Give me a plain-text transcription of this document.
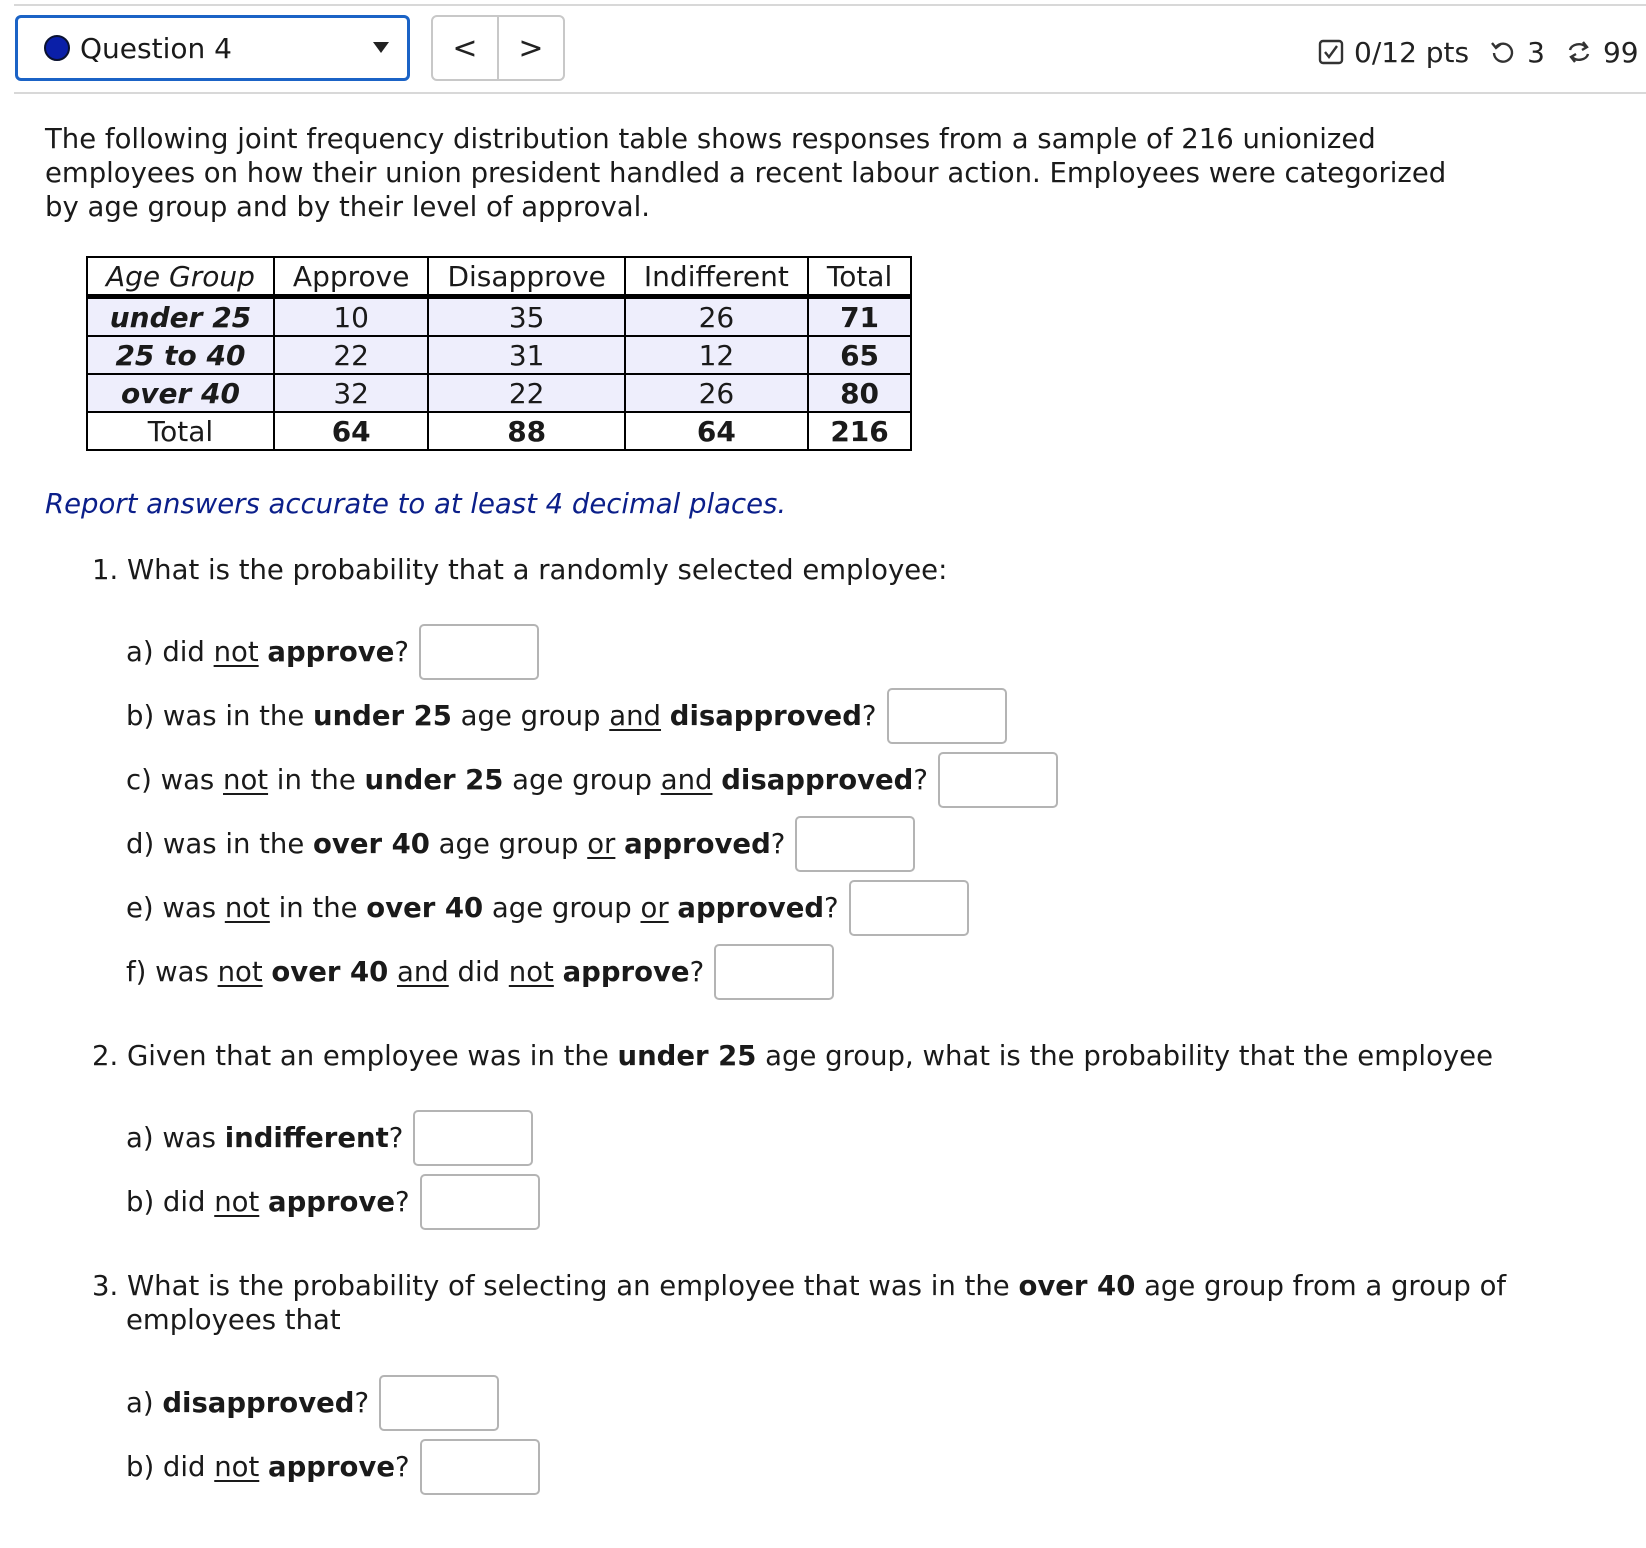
Question 4	<	>	0/12 pts 3 99
The following joint frequency distribution table shows responses from a sample of 216 unionized employees on how their union president handled a recent labour action. Employees were categorized by age group and by their level of approval.
Age Group	Approve	Disapprove	Indifferent	Total
under 25	10	35	26	71
25 to 40	22	31	12	65
over 40	32	22	26	80
Total	64	88	64	216
Report answers accurate to at least 4 decimal places.
1. What is the probability that a randomly selected employee:
a) did not approve?
b) was in the under 25 age group and disapproved?
c) was not in the under 25 age group and disapproved?
d) was in the over 40 age group or approved?
e) was not in the over 40 age group or approved?
f) was not over 40 and did not approve?
2. Given that an employee was in the under 25 age group, what is the probability that the employee
a) was indifferent?
b) did not approve?
3. What is the probability of selecting an employee that was in the over 40 age group from a group of
employees that
a) disapproved?
b) did not approve?
